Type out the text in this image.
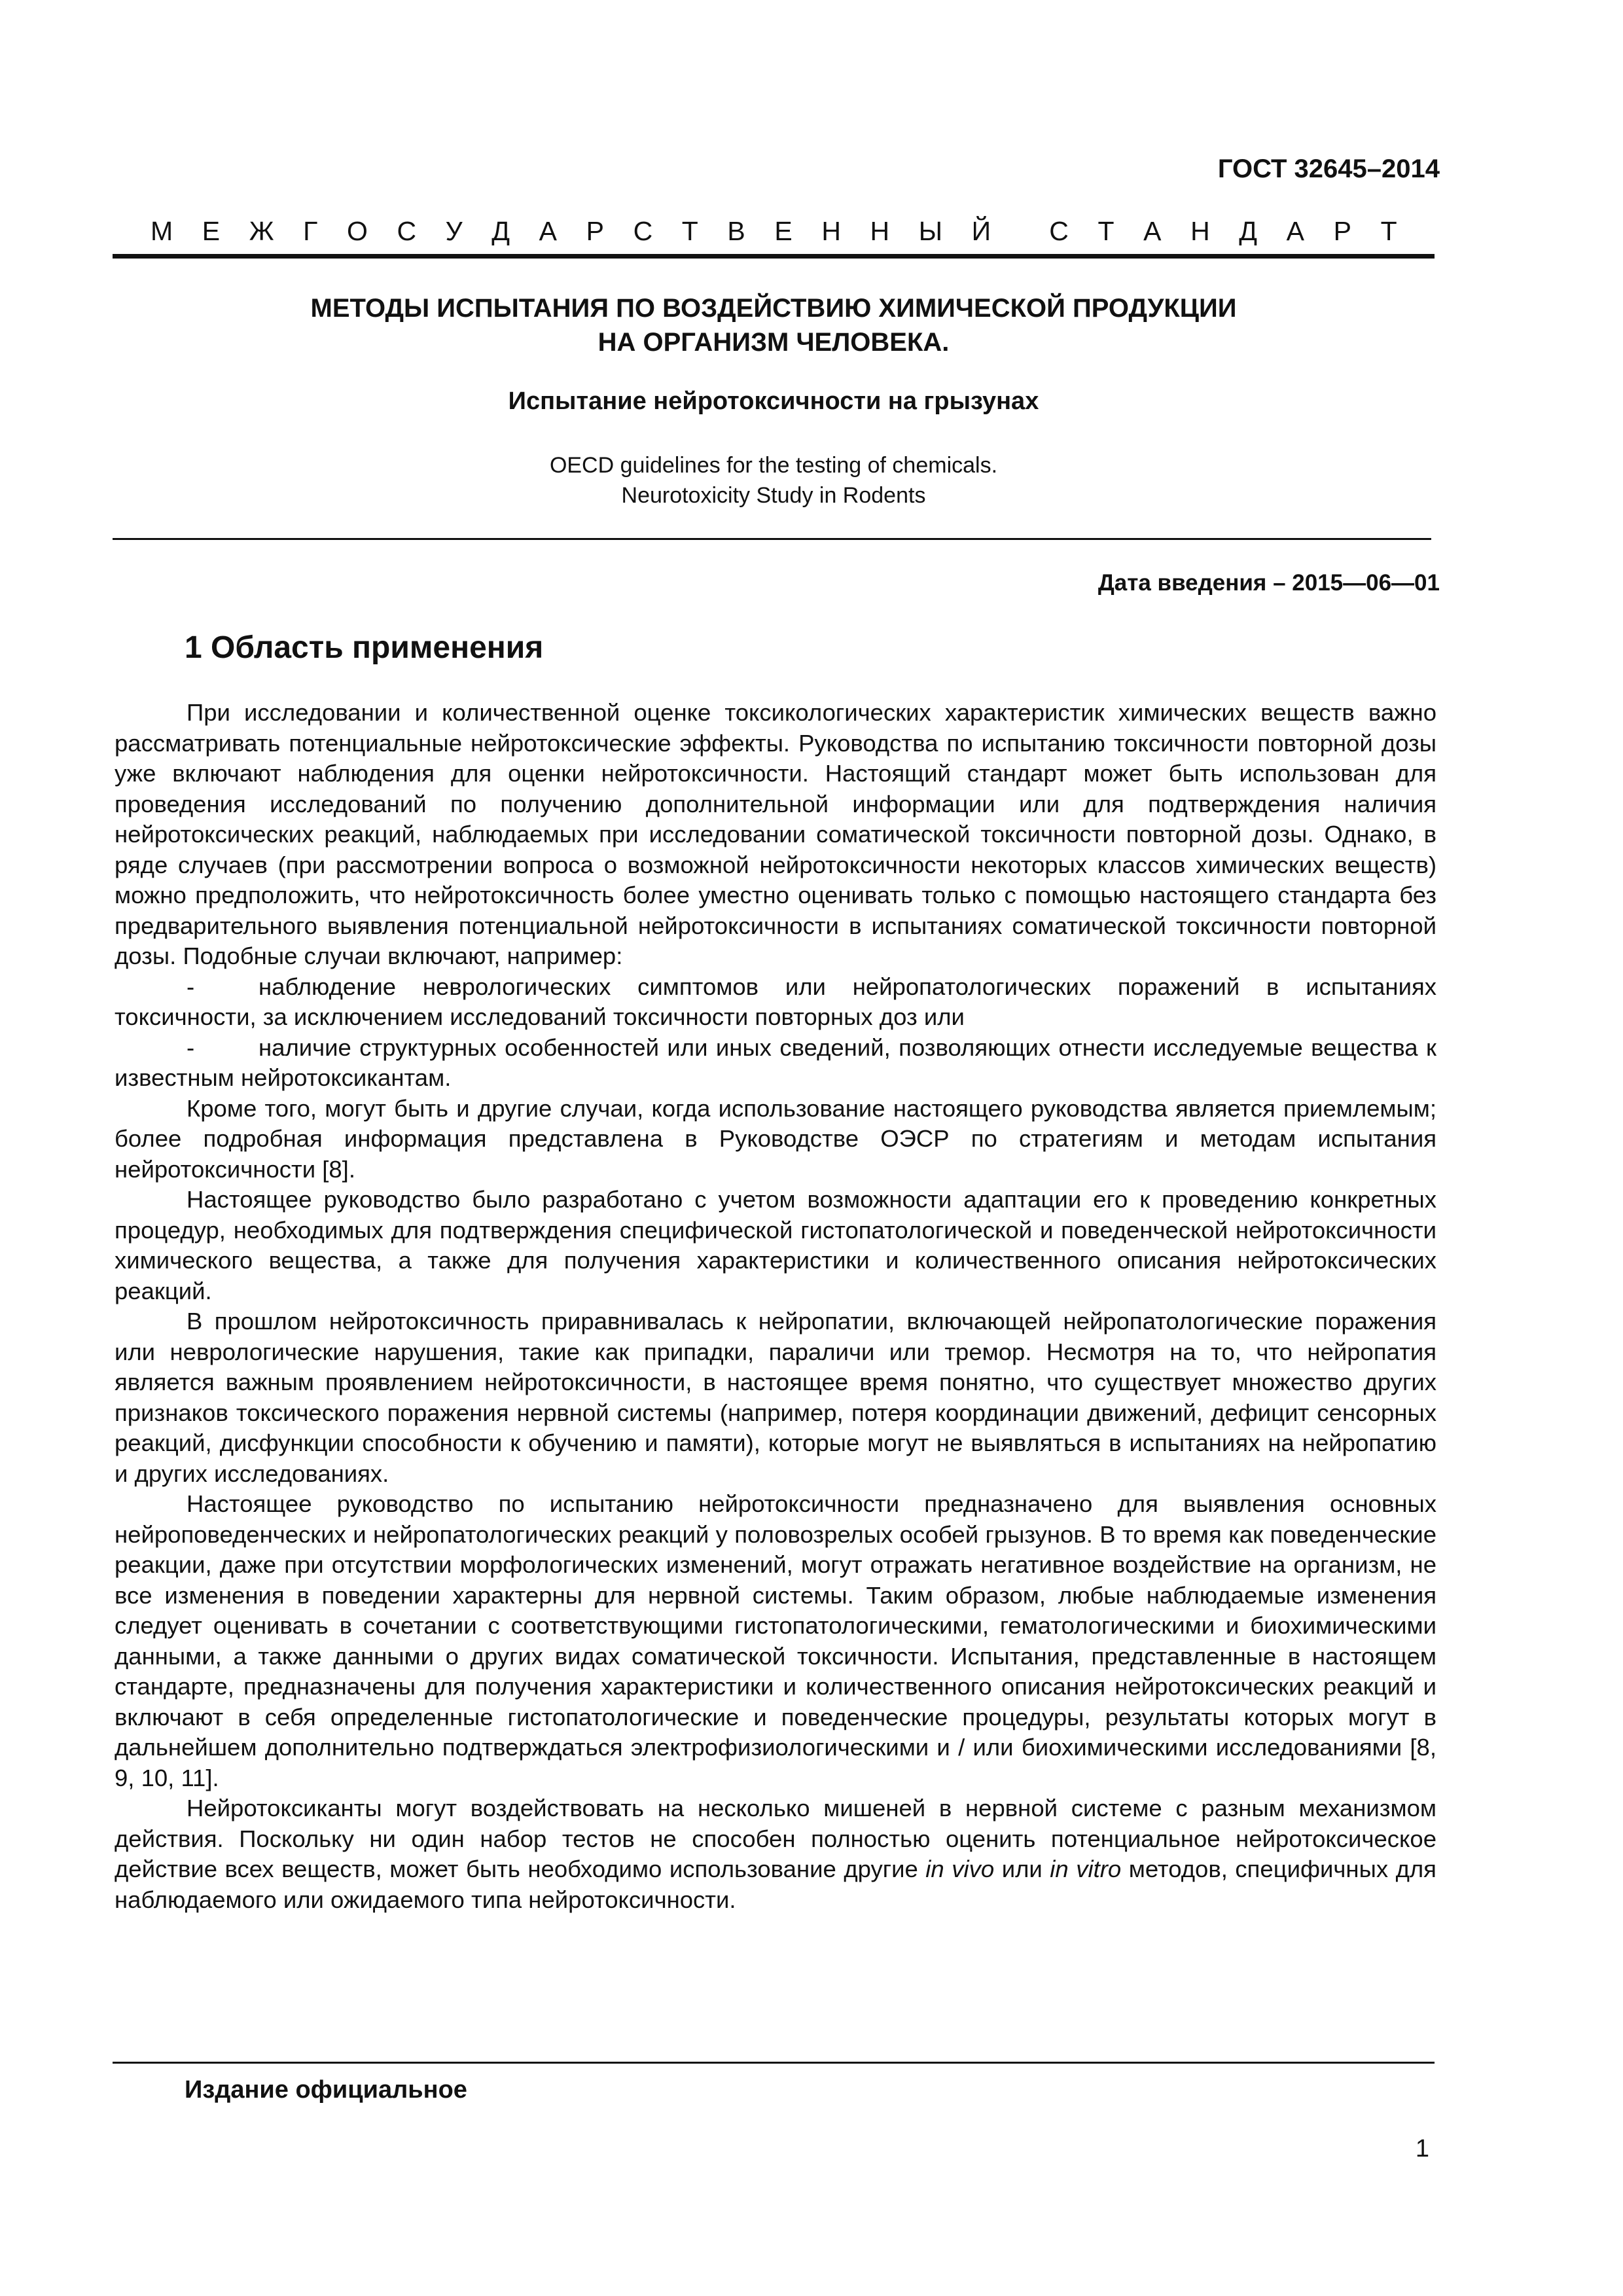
ГОСТ 32645–2014
М Е Ж Г О С У Д А Р С Т В Е Н Н Ы Й С Т А Н Д А Р Т
МЕТОДЫ ИСПЫТАНИЯ ПО ВОЗДЕЙСТВИЮ ХИМИЧЕСКОЙ ПРОДУКЦИИ
НА ОРГАНИЗМ ЧЕЛОВЕКА.
Испытание нейротоксичности на грызунах
OECD guidelines for the testing of chemicals.
Neurotoxicity Study in Rodents
Дата введения – 2015—06—01
1 Область применения

При исследовании и количественной оценке токсикологических характеристик химических веществ важно рассматривать потенциальные нейротоксические эффекты. Руководства по испытанию токсичности повторной дозы уже включают наблюдения для оценки нейротоксичности. Настоящий стандарт может быть использован для проведения исследований по получению дополнительной информации или для подтверждения наличия нейротоксических реакций, наблюдаемых при исследовании соматической токсичности повторной дозы. Однако, в ряде случаев (при рассмотрении вопроса о возможной нейротоксичности некоторых классов химических веществ) можно предположить, что нейротоксичность более уместно оценивать только с помощью настоящего стандарта без предварительного выявления потенциальной нейротоксичности в испытаниях соматической токсичности повторной дозы. Подобные случаи включают, например:

-	наблюдение неврологических симптомов или нейропатологических поражений в испытаниях токсичности, за исключением исследований токсичности повторных доз или

-	наличие структурных особенностей или иных сведений, позволяющих отнести исследуемые вещества к известным нейротоксикантам.

Кроме того, могут быть и другие случаи, когда использование настоящего руководства является приемлемым; более подробная информация представлена в Руководстве ОЭСР по стратегиям и методам испытания нейротоксичности [8].

Настоящее руководство было разработано с учетом возможности адаптации его к проведению конкретных процедур, необходимых для подтверждения специфической гистопатологической и поведенческой нейротоксичности химического вещества, а также для получения характеристики и количественного описания нейротоксических реакций.

В прошлом нейротоксичность приравнивалась к нейропатии, включающей нейропатологические поражения или неврологические нарушения, такие как припадки, параличи или тремор. Несмотря на то, что нейропатия является важным проявлением нейротоксичности, в настоящее время понятно, что существует множество других признаков токсического поражения нервной системы (например, потеря координации движений, дефицит сенсорных реакций, дисфункции способности к обучению и памяти), которые могут не выявляться в испытаниях на нейропатию и других исследованиях.

Настоящее руководство по испытанию нейротоксичности предназначено для выявления основных нейроповеденческих и нейропатологических реакций у половозрелых особей грызунов. В то время как поведенческие реакции, даже при отсутствии морфологических изменений, могут отражать негативное воздействие на организм, не все изменения в поведении характерны для нервной системы. Таким образом, любые наблюдаемые изменения следует оценивать в сочетании с соответствующими гистопатологическими, гематологическими и биохимическими данными, а также данными о других видах соматической токсичности. Испытания, представленные в настоящем стандарте, предназначены для получения характеристики и количественного описания нейротоксических реакций и включают в себя определенные гистопатологические и поведенческие процедуры, результаты которых могут в дальнейшем дополнительно подтверждаться электрофизиологическими и / или биохимическими исследованиями [8, 9, 10, 11].

Нейротоксиканты могут воздействовать на несколько мишеней в нервной системе с разным механизмом действия. Поскольку ни один набор тестов не способен полностью оценить потенциальное нейротоксическое действие всех веществ, может быть необходимо использование другие in vivo или in vitro методов, специфичных для наблюдаемого или ожидаемого типа нейротоксичности.

Издание официальное
1
